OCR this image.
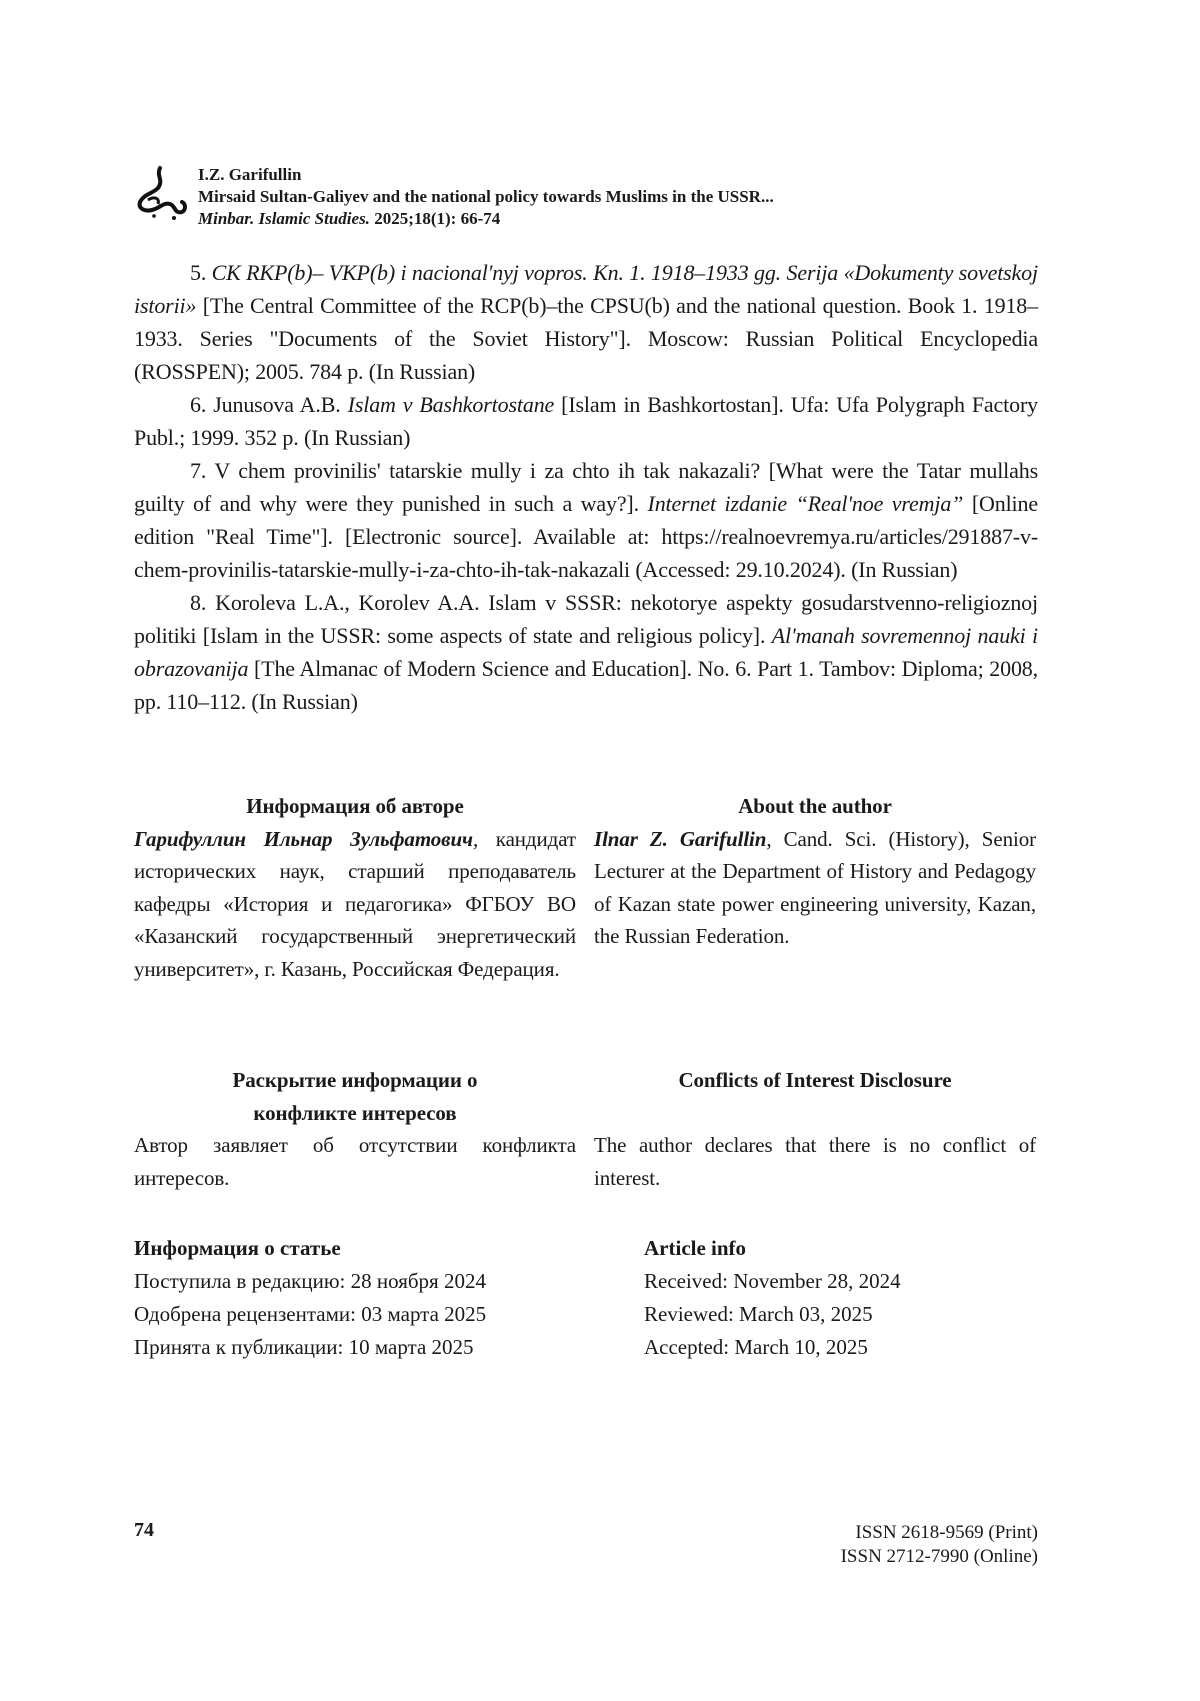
I.Z. Garifullin
Mirsaid Sultan-Galiyev and the national policy towards Muslims in the USSR...
Minbar. Islamic Studies. 2025;18(1): 66-74

5. CK RKP(b)– VKP(b) i nacional'nyj vopros. Kn. 1. 1918–1933 gg. Serija «Dokumenty sovetskoj istorii» [The Central Committee of the RCP(b)–the CPSU(b) and the national question. Book 1. 1918–1933. Series "Documents of the Soviet History"]. Moscow: Russian Political Encyclopedia (ROSSPEN); 2005. 784 p. (In Russian)

6. Junusova A.B. Islam v Bashkortostane [Islam in Bashkortostan]. Ufa: Ufa Polygraph Factory Publ.; 1999. 352 p. (In Russian)

7. V chem provinilis' tatarskie mully i za chto ih tak nakazali? [What were the Tatar mullahs guilty of and why were they punished in such a way?]. Internet izdanie “Real'noe vremja” [Online edition "Real Time"]. [Electronic source]. Available at: https://realnoevremya.ru/articles/291887-v-chem-provinilis-tatarskie-mully-i-za-chto-ih-tak-nakazali (Accessed: 29.10.2024). (In Russian)

8. Koroleva L.A., Korolev A.A. Islam v SSSR: nekotorye aspekty gosudarstvenno-religioznoj politiki [Islam in the USSR: some aspects of state and religious policy]. Al'manah sovremennoj nauki i obrazovanija [The Almanac of Modern Science and Education]. No. 6. Part 1. Tambov: Diploma; 2008, pp. 110–112. (In Russian)

Информация об авторе

Гарифуллин Ильнар Зульфатович, кандидат исторических наук, старший преподаватель кафедры «История и педагогика» ФГБОУ ВО «Казанский государственный энергетический университет», г. Казань, Российская Федерация.

About the author

Ilnar Z. Garifullin, Cand. Sci. (History), Senior Lecturer at the Department of History and Pedagogy of Kazan state power engineering university, Kazan, the Russian Federation.

Раскрытие информации о конфликте интересов

Автор заявляет об отсутствии конфликта интересов.

Conflicts of Interest Disclosure

The author declares that there is no conflict of interest.

Информация о статье
Поступила в редакцию: 28 ноября 2024
Одобрена рецензентами: 03 марта 2025
Принята к публикации: 10 марта 2025
Article info
Received: November 28, 2024
Reviewed: March 03, 2025
Accepted: March 10, 2025
74	ISSN 2618-9569 (Print)
ISSN 2712-7990 (Online)
